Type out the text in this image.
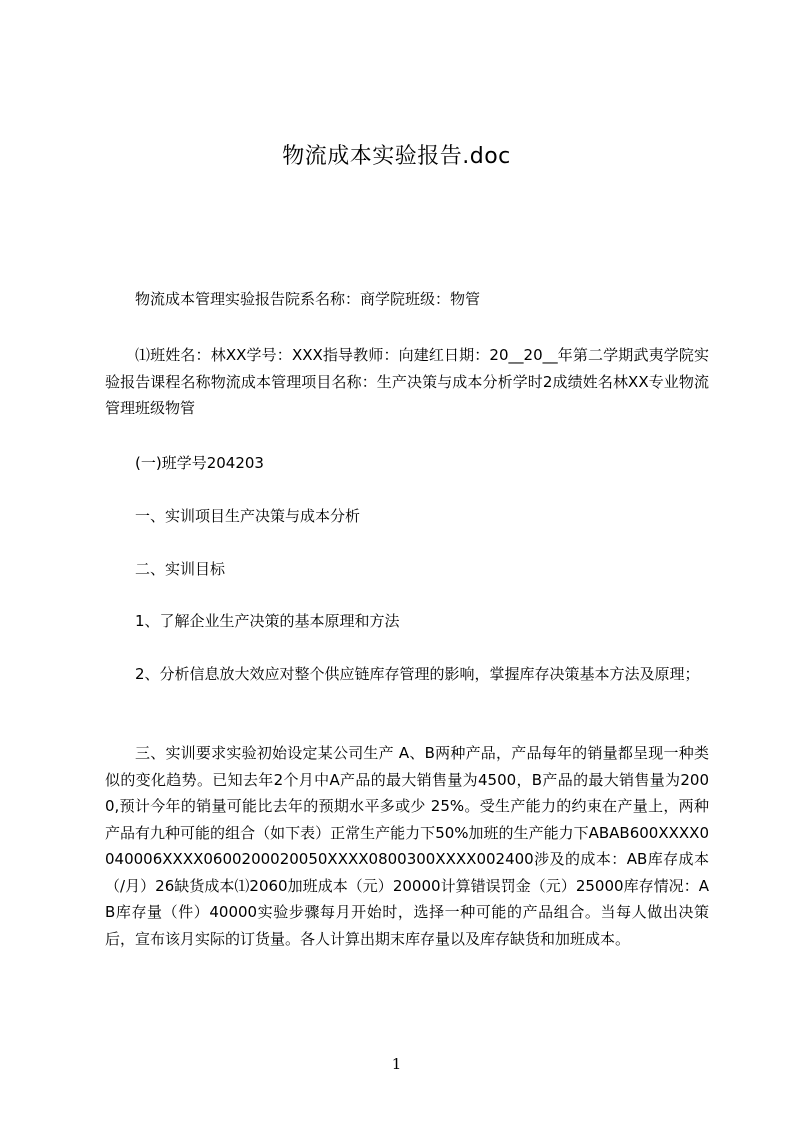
物流成本实验报告.doc

物流成本管理实验报告院系名称：商学院班级：物管

⑴班姓名：林XX学号：XXX指导教师：向建红日期：20__20__年第二学期武夷学院实验报告课程名称物流成本管理项目名称：生产决策与成本分析学时2成绩姓名林XX专业物流管理班级物管

(一)班学号204203

一、实训项目生产决策与成本分析

二、实训目标

1、了解企业生产决策的基本原理和方法

2、分析信息放大效应对整个供应链库存管理的影响，掌握库存决策基本方法及原理；

三、实训要求实验初始设定某公司生产 A、B两种产品，产品每年的销量都呈现一种类似的变化趋势。已知去年2个月中A产品的最大销售量为4500，B产品的最大销售量为2000,预计今年的销量可能比去年的预期水平多或少 25%。受生产能力的约束在产量上，两种产品有九种可能的组合（如下表）正常生产能力下50%加班的生产能力下ABAB600XXXX0040006XXXX0600200020050XXXX0800300XXXX002400涉及的成本：AB库存成本（/月）26缺货成本⑴2060加班成本（元）20000计算错误罚金（元）25000库存情况：AB库存量（件）40000实验步骤每月开始时，选择一种可能的产品组合。当每人做出决策后，宣布该月实际的订货量。各人计算出期末库存量以及库存缺货和加班成本。

1
